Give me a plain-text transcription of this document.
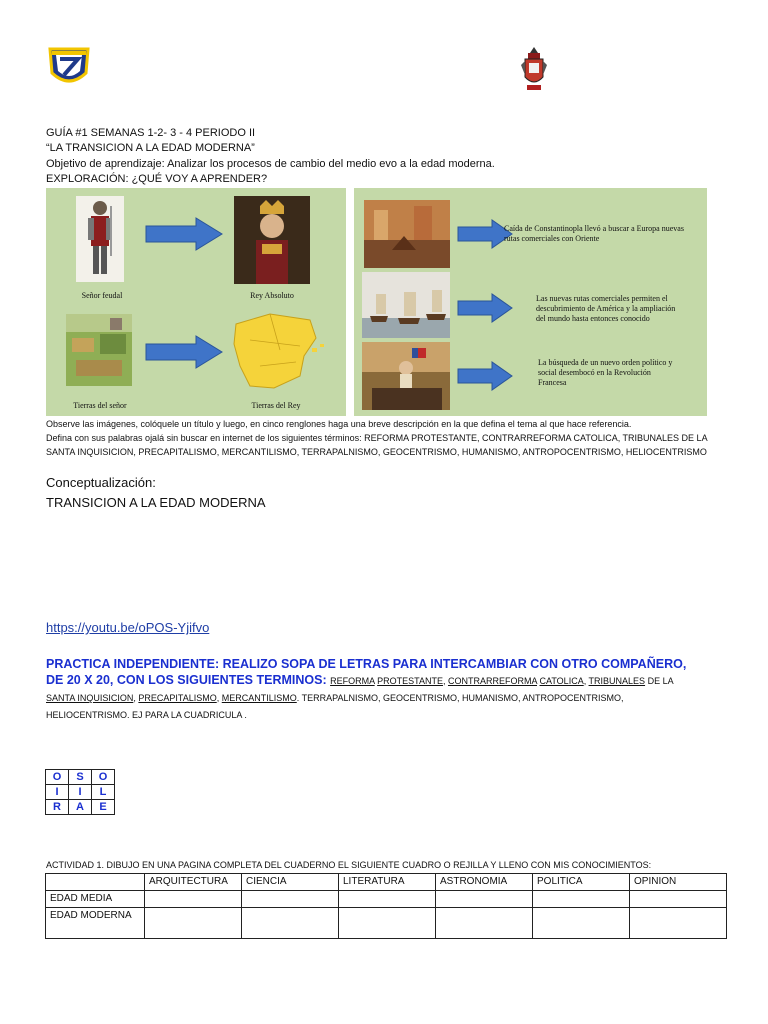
GUÍA #1 SEMANAS 1-2- 3 - 4 PERIODO II
“LA TRANSICION A LA EDAD MODERNA”
Objetivo de aprendizaje: Analizar los procesos de cambio del medio evo a la edad moderna.
EXPLORACIÓN: ¿QUÉ VOY A APRENDER?
Señor feudal	Rey Absoluto
Tierras del señor	Tierras del Rey
Caída de Constantinopla llevó a buscar a Europa nuevas rutas comerciales con Oriente
Las nuevas rutas comerciales permiten el descubrimiento de América y la ampliación del mundo hasta entonces conocido
La búsqueda de un nuevo orden político y social desembocó en la Revolución Francesa
Observe las imágenes, colóquele un título y luego, en cinco renglones haga una breve descripción en la que defina el tema al que hace referencia.
Defina con sus palabras ojalá sin buscar en internet de los siguientes términos: REFORMA PROTESTANTE, CONTRARREFORMA CATOLICA, TRIBUNALES DE LA SANTA INQUISICION, PRECAPITALISMO, MERCANTILISMO, TERRAPALNISMO, GEOCENTRISMO, HUMANISMO, ANTROPOCENTRISMO, HELIOCENTRISMO
Conceptualización:
TRANSICION A LA EDAD MODERNA
https://youtu.be/oPOS-Yjifvo
PRACTICA INDEPENDIENTE: REALIZO SOPA DE LETRAS PARA INTERCAMBIAR CON OTRO COMPAÑERO,
DE 20 X 20, CON LOS SIGUIENTES TERMINOS: REFORMA PROTESTANTE, CONTRARREFORMA CATOLICA, TRIBUNALES DE LA
SANTA INQUISICION, PRECAPITALISMO, MERCANTILISMO. TERRAPALNISMO, GEOCENTRISMO, HUMANISMO, ANTROPOCENTRISMO,
HELIOCENTRISMO. EJ PARA LA CUADRICULA .
O	S	O
I	I	L
R	A	E
ACTIVIDAD 1. DIBUJO EN UNA PAGINA COMPLETA DEL CUADERNO EL SIGUIENTE CUADRO O REJILLA Y LLENO CON MIS CONOCIMIENTOS:
	ARQUITECTURA	CIENCIA	LITERATURA	ASTRONOMIA	POLITICA	OPINION
EDAD MEDIA						
EDAD MODERNA						
